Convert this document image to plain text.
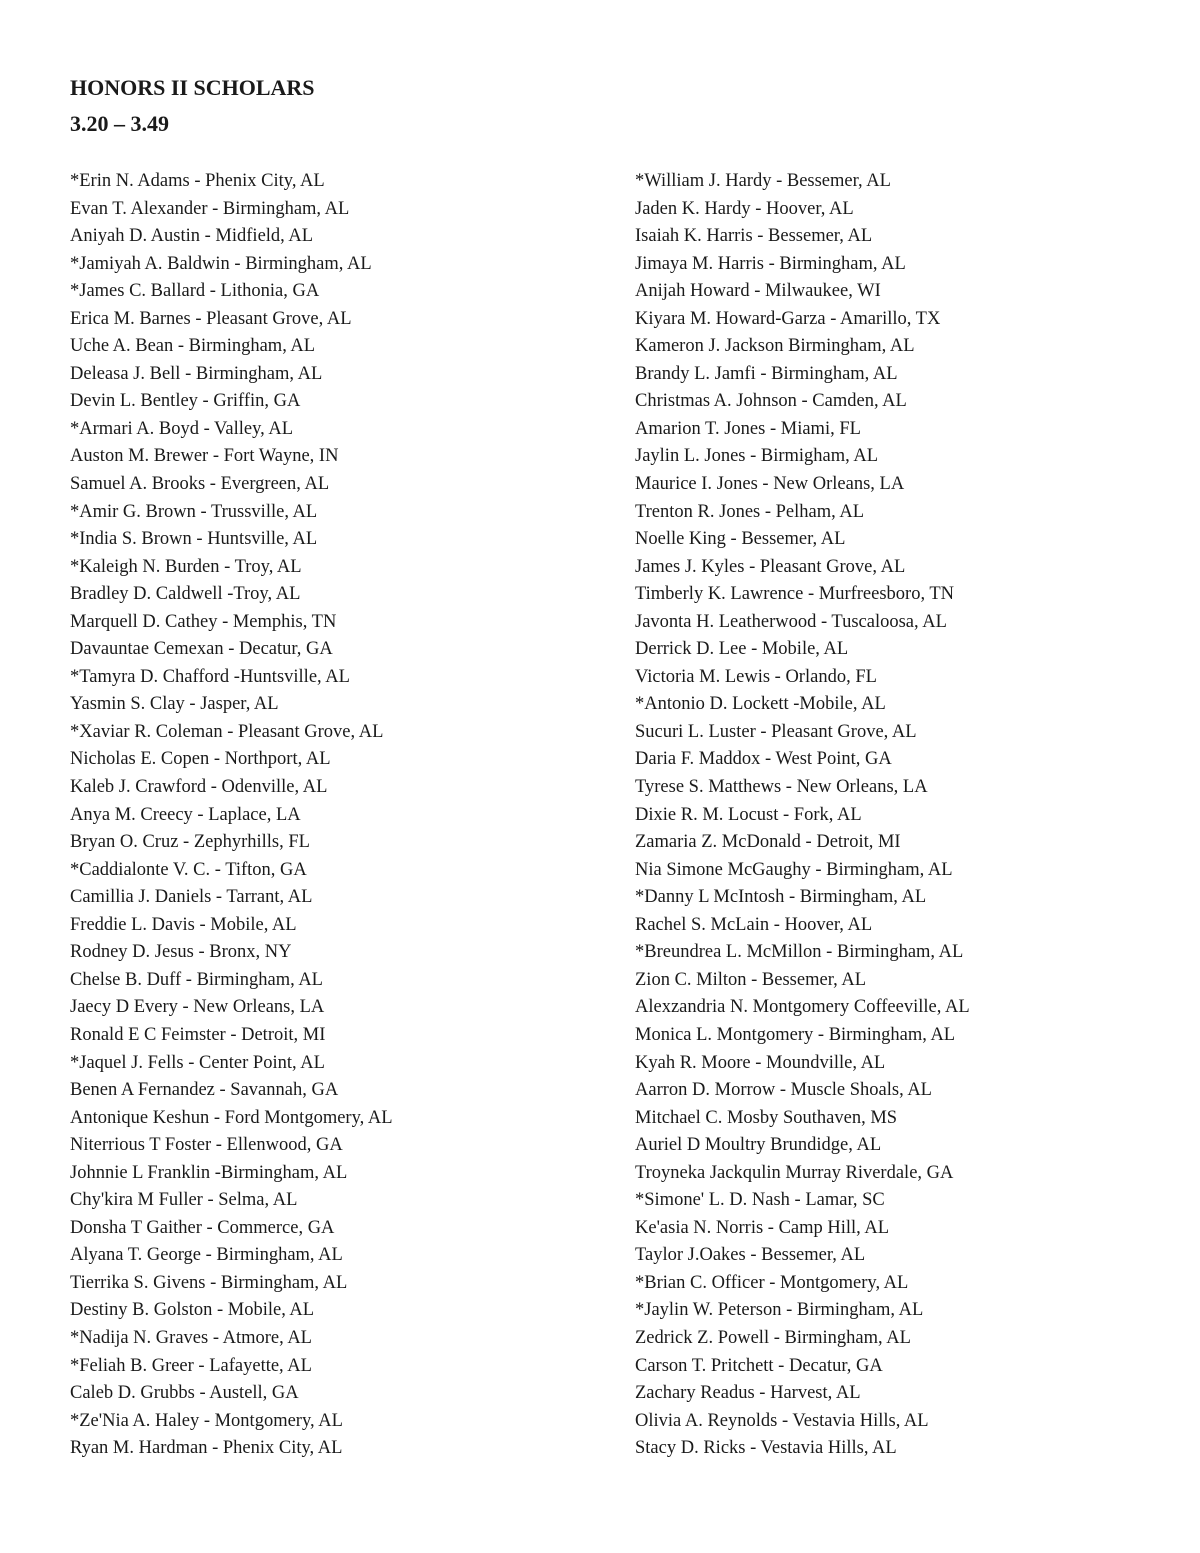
HONORS II SCHOLARS
3.20 – 3.49
*Erin N. Adams - Phenix City, AL
Evan T. Alexander - Birmingham, AL
Aniyah D. Austin - Midfield, AL
*Jamiyah A. Baldwin - Birmingham, AL
*James C. Ballard - Lithonia, GA
Erica M. Barnes - Pleasant Grove, AL
Uche A. Bean - Birmingham, AL
Deleasa J. Bell - Birmingham, AL
Devin L. Bentley - Griffin, GA
*Armari A. Boyd - Valley, AL
Auston M. Brewer - Fort Wayne, IN
Samuel A. Brooks - Evergreen, AL
*Amir G. Brown - Trussville, AL
*India S. Brown - Huntsville, AL
*Kaleigh N. Burden - Troy, AL
Bradley D. Caldwell -Troy, AL
Marquell D. Cathey - Memphis, TN
Davauntae Cemexan - Decatur, GA
*Tamyra D. Chafford -Huntsville, AL
Yasmin S. Clay - Jasper, AL
*Xaviar R. Coleman - Pleasant Grove, AL
Nicholas E. Copen - Northport, AL
Kaleb J. Crawford - Odenville, AL
Anya M. Creecy - Laplace, LA
Bryan O. Cruz - Zephyrhills, FL
*Caddialonte V. C. - Tifton, GA
Camillia J. Daniels - Tarrant, AL
Freddie L. Davis - Mobile, AL
Rodney D. Jesus - Bronx, NY
Chelse B. Duff - Birmingham, AL
Jaecy D Every - New Orleans, LA
Ronald E C Feimster - Detroit, MI
*Jaquel J. Fells - Center Point, AL
Benen A Fernandez - Savannah, GA
Antonique Keshun - Ford Montgomery, AL
Niterrious T Foster - Ellenwood, GA
Johnnie L Franklin -Birmingham, AL
Chy'kira M Fuller - Selma, AL
Donsha T Gaither - Commerce, GA
Alyana T. George - Birmingham, AL
Tierrika S. Givens - Birmingham, AL
Destiny B. Golston - Mobile, AL
*Nadija N. Graves - Atmore, AL
*Feliah B. Greer - Lafayette, AL
Caleb D. Grubbs - Austell, GA
*Ze'Nia A. Haley - Montgomery, AL
Ryan M. Hardman - Phenix City, AL
*William J. Hardy - Bessemer, AL
Jaden K. Hardy - Hoover, AL
Isaiah K. Harris - Bessemer, AL
Jimaya M. Harris - Birmingham, AL
Anijah Howard - Milwaukee, WI
Kiyara M. Howard-Garza - Amarillo, TX
Kameron J. Jackson Birmingham, AL
Brandy L. Jamfi - Birmingham, AL
Christmas A. Johnson - Camden, AL
Amarion T. Jones - Miami, FL
Jaylin L. Jones - Birmigham, AL
Maurice I. Jones - New Orleans, LA
Trenton R. Jones - Pelham, AL
Noelle King - Bessemer, AL
James J. Kyles - Pleasant Grove, AL
Timberly K. Lawrence - Murfreesboro, TN
Javonta H. Leatherwood - Tuscaloosa, AL
Derrick D. Lee - Mobile, AL
Victoria M. Lewis - Orlando, FL
*Antonio D. Lockett -Mobile, AL
Sucuri L. Luster - Pleasant Grove, AL
Daria F. Maddox - West Point, GA
Tyrese S. Matthews - New Orleans, LA
Dixie R. M. Locust - Fork, AL
Zamaria Z. McDonald - Detroit, MI
Nia Simone McGaughy - Birmingham, AL
*Danny L McIntosh - Birmingham, AL
Rachel S. McLain - Hoover, AL
*Breundrea L. McMillon - Birmingham, AL
Zion C. Milton - Bessemer, AL
Alexzandria N. Montgomery Coffeeville, AL
Monica L. Montgomery - Birmingham, AL
Kyah R. Moore - Moundville, AL
Aarron D. Morrow - Muscle Shoals, AL
Mitchael C. Mosby Southaven, MS
Auriel D Moultry Brundidge, AL
Troyneka Jackqulin Murray Riverdale, GA
*Simone' L. D. Nash - Lamar, SC
Ke'asia N. Norris - Camp Hill, AL
Taylor J.Oakes - Bessemer, AL
*Brian C. Officer - Montgomery, AL
*Jaylin W. Peterson - Birmingham, AL
Zedrick Z. Powell - Birmingham, AL
Carson T. Pritchett - Decatur, GA
Zachary Readus - Harvest, AL
Olivia A. Reynolds - Vestavia Hills, AL
Stacy D. Ricks - Vestavia Hills, AL
